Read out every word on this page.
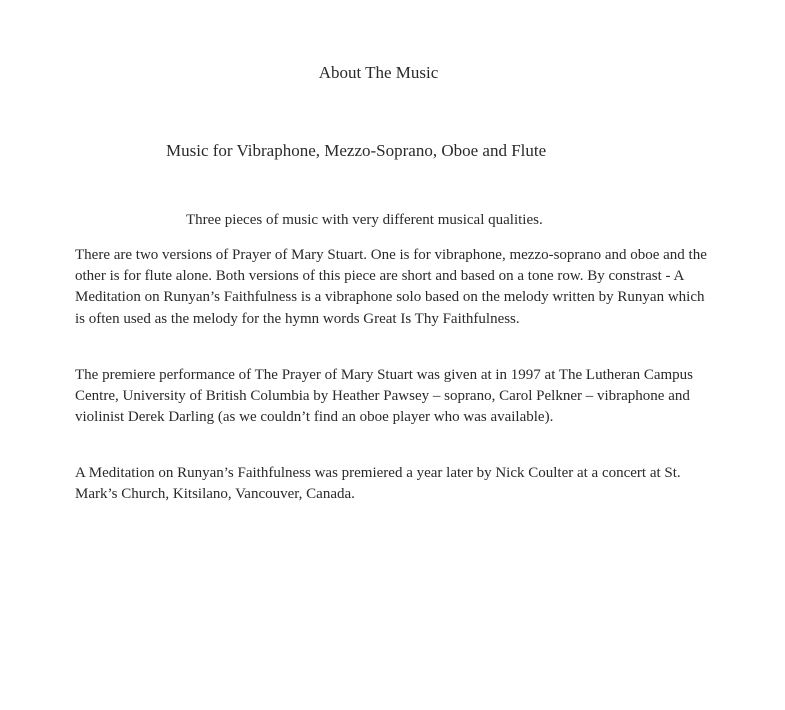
About The Music
Music for Vibraphone, Mezzo-Soprano, Oboe and Flute

Three pieces of music with very different musical qualities.

There are two versions of Prayer of Mary Stuart. One is for vibraphone, mezzo-soprano and oboe and the other is for flute alone. Both versions of this piece are short and based on a tone row. By constrast - A Meditation on Runyan’s Faithfulness is a vibraphone solo based on the melody written by Runyan which is often used as the melody for the hymn words Great Is Thy Faithfulness.

The premiere performance of The Prayer of Mary Stuart was given at in 1997 at The Lutheran Campus Centre, University of British Columbia by Heather Pawsey – soprano, Carol Pelkner – vibraphone and violinist Derek Darling (as we couldn’t find an oboe player who was available).

A Meditation on Runyan’s Faithfulness was premiered a year later by Nick Coulter at a concert at St. Mark’s Church, Kitsilano, Vancouver, Canada.
